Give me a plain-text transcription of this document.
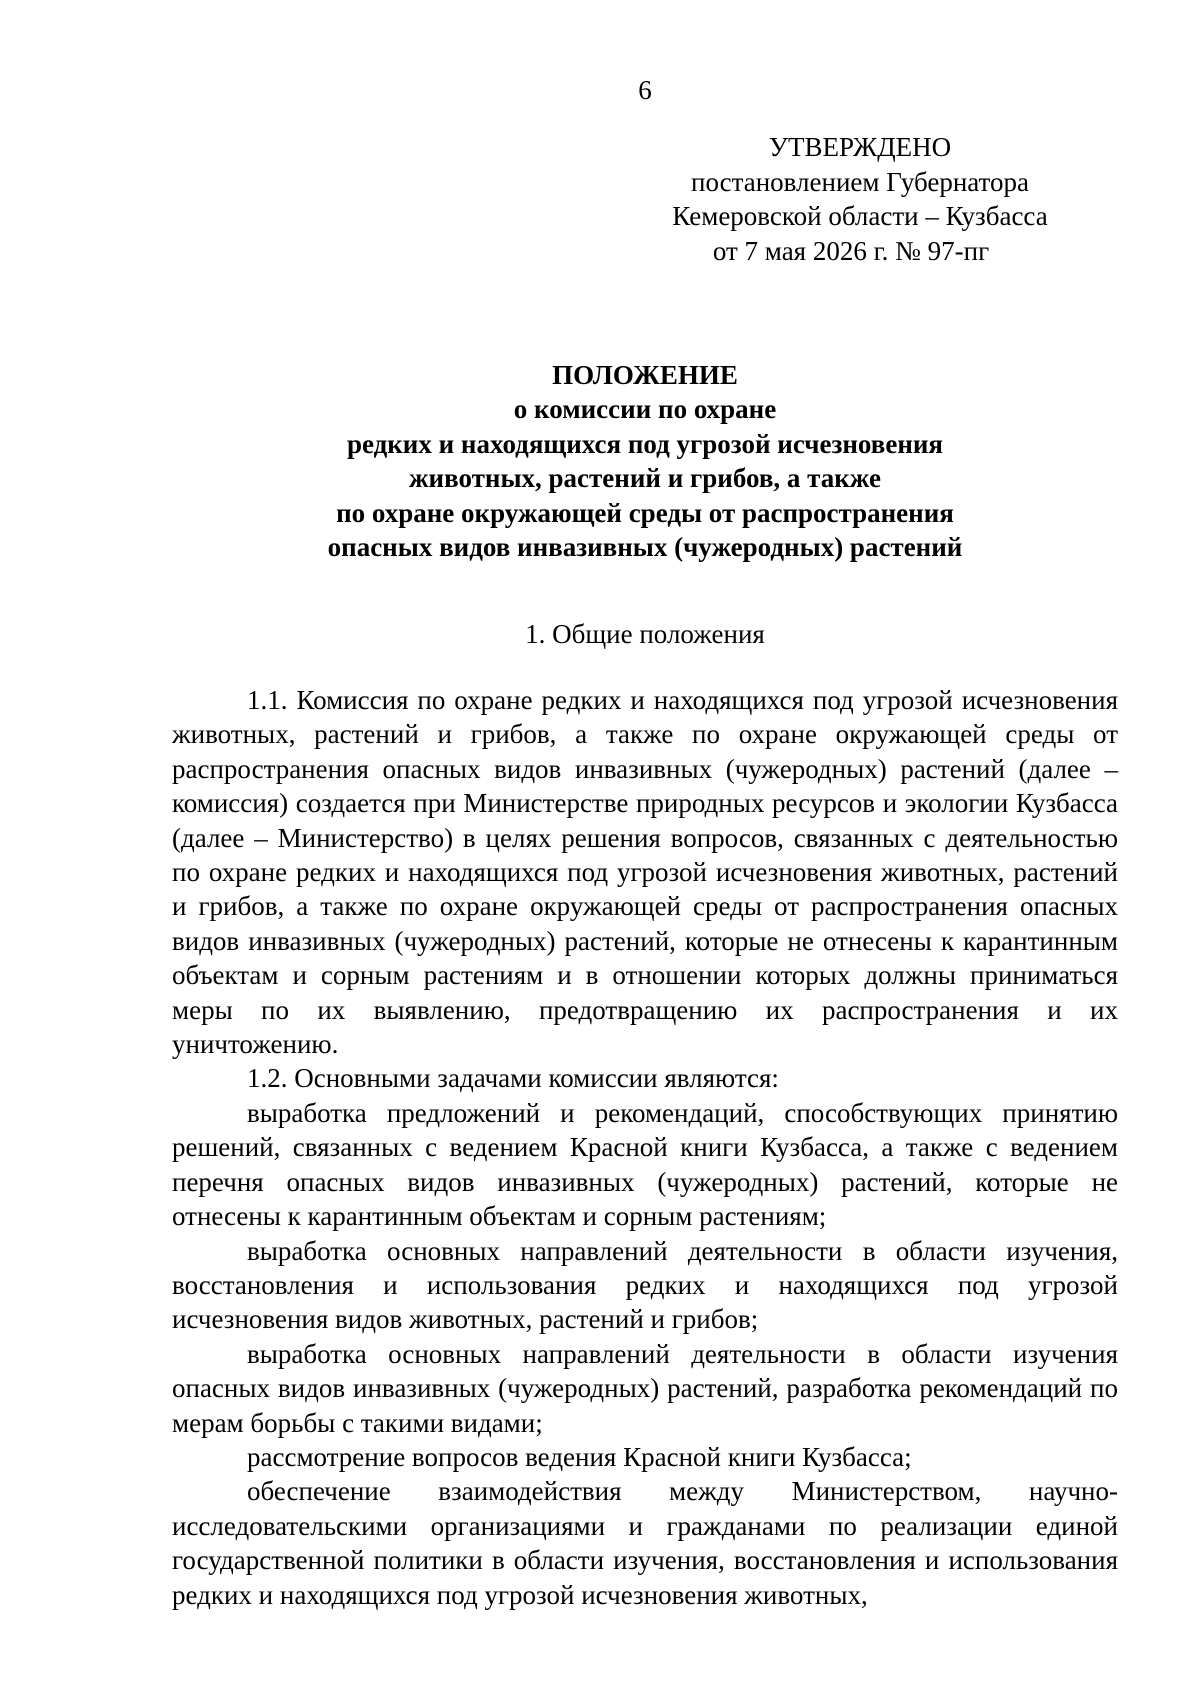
6
УТВЕРЖДЕНО
постановлением Губернатора
Кемеровской области – Кузбасса
от 7 мая 2026 г. № 97-пг
ПОЛОЖЕНИЕ
о комиссии по охране
редких и находящихся под угрозой исчезновения
животных, растений и грибов, а также
по охране окружающей среды от распространения
опасных видов инвазивных (чужеродных) растений
1. Общие положения

1.1. Комиссия по охране редких и находящихся под угрозой исчезновения животных, растений и грибов, а также по охране окружающей среды от распространения опасных видов инвазивных (чужеродных) растений (далее – комиссия) создается при Министерстве природных ресурсов и экологии Кузбасса (далее – Министерство) в целях решения вопросов, связанных с деятельностью по охране редких и находящихся под угрозой исчезновения животных, растений и грибов, а также по охране окружающей среды от распространения опасных видов инвазивных (чужеродных) растений, которые не отнесены к карантинным объектам и сорным растениям и в отношении которых должны приниматься меры по их выявлению, предотвращению их распространения и их уничтожению.

1.2. Основными задачами комиссии являются:

выработка предложений и рекомендаций, способствующих принятию решений, связанных с ведением Красной книги Кузбасса, а также с ведением перечня опасных видов инвазивных (чужеродных) растений, которые не отнесены к карантинным объектам и сорным растениям;

выработка основных направлений деятельности в области изучения, восстановления и использования редких и находящихся под угрозой исчезновения видов животных, растений и грибов;

выработка основных направлений деятельности в области изучения опасных видов инвазивных (чужеродных) растений, разработка рекомендаций по мерам борьбы с такими видами;

рассмотрение вопросов ведения Красной книги Кузбасса;

обеспечение взаимодействия между Министерством, научно-исследовательскими организациями и гражданами по реализации единой государственной политики в области изучения, восстановления и использования редких и находящихся под угрозой исчезновения животных,
